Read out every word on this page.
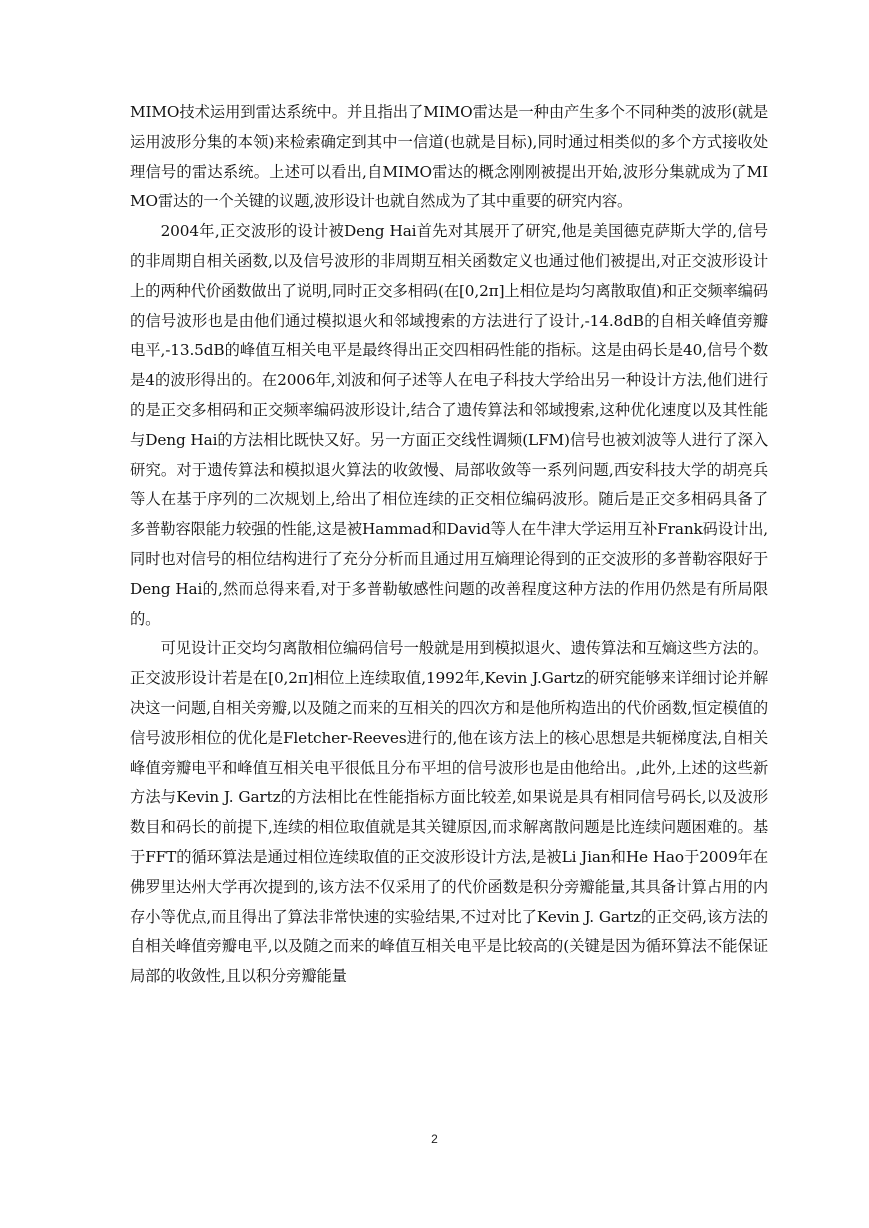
MIMO技术运用到雷达系统中。并且指出了MIMO雷达是一种由产生多个不同种类的波形(就是运用波形分集的本领)来检索确定到其中一信道(也就是目标),同时通过相类似的多个方式接收处理信号的雷达系统。上述可以看出,自MIMO雷达的概念刚刚被提出开始,波形分集就成为了MIMO雷达的一个关键的议题,波形设计也就自然成为了其中重要的研究内容。

2004年,正交波形的设计被Deng Hai首先对其展开了研究,他是美国德克萨斯大学的,信号的非周期自相关函数,以及信号波形的非周期互相关函数定义也通过他们被提出,对正交波形设计上的两种代价函数做出了说明,同时正交多相码(在[0,2π]上相位是均匀离散取值)和正交频率编码的信号波形也是由他们通过模拟退火和邻域搜索的方法进行了设计,-14.8dB的自相关峰值旁瓣电平,-13.5dB的峰值互相关电平是最终得出正交四相码性能的指标。这是由码长是40,信号个数是4的波形得出的。在2006年,刘波和何子述等人在电子科技大学给出另一种设计方法,他们进行的是正交多相码和正交频率编码波形设计,结合了遗传算法和邻域搜索,这种优化速度以及其性能与Deng Hai的方法相比既快又好。另一方面正交线性调频(LFM)信号也被刘波等人进行了深入研究。对于遗传算法和模拟退火算法的收敛慢、局部收敛等一系列问题,西安科技大学的胡亮兵等人在基于序列的二次规划上,给出了相位连续的正交相位编码波形。随后是正交多相码具备了多普勒容限能力较强的性能,这是被Hammad和David等人在牛津大学运用互补Frank码设计出,同时也对信号的相位结构进行了充分分析而且通过用互熵理论得到的正交波形的多普勒容限好于Deng Hai的,然而总得来看,对于多普勒敏感性问题的改善程度这种方法的作用仍然是有所局限的。

可见设计正交均匀离散相位编码信号一般就是用到模拟退火、遗传算法和互熵这些方法的。正交波形设计若是在[0,2π]相位上连续取值,1992年,Kevin J.Gartz的研究能够来详细讨论并解决这一问题,自相关旁瓣,以及随之而来的互相关的四次方和是他所构造出的代价函数,恒定模值的信号波形相位的优化是Fletcher-Reeves进行的,他在该方法上的核心思想是共轭梯度法,自相关峰值旁瓣电平和峰值互相关电平很低且分布平坦的信号波形也是由他给出。,此外,上述的这些新方法与Kevin J. Gartz的方法相比在性能指标方面比较差,如果说是具有相同信号码长,以及波形数目和码长的前提下,连续的相位取值就是其关键原因,而求解离散问题是比连续问题困难的。基于FFT的循环算法是通过相位连续取值的正交波形设计方法,是被Li Jian和He Hao于2009年在佛罗里达州大学再次提到的,该方法不仅采用了的代价函数是积分旁瓣能量,其具备计算占用的内存小等优点,而且得出了算法非常快速的实验结果,不过对比了Kevin J. Gartz的正交码,该方法的自相关峰值旁瓣电平,以及随之而来的峰值互相关电平是比较高的(关键是因为循环算法不能保证局部的收敛性,且以积分旁瓣能量

2
